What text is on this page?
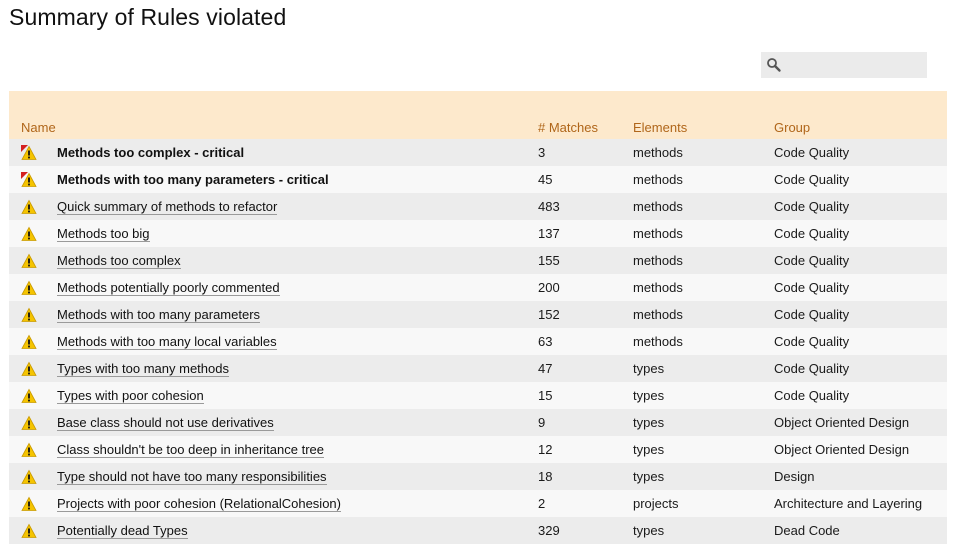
Summary of Rules violated
Name		# Matches	Elements	Group

	Methods too complex - critical	3	methods	Code Quality

	Methods with too many parameters - critical	45	methods	Code Quality

	Quick summary of methods to refactor	483	methods	Code Quality

	Methods too big	137	methods	Code Quality

	Methods too complex	155	methods	Code Quality

	Methods potentially poorly commented	200	methods	Code Quality

	Methods with too many parameters	152	methods	Code Quality

	Methods with too many local variables	63	methods	Code Quality

	Types with too many methods	47	types	Code Quality

	Types with poor cohesion	15	types	Code Quality

	Base class should not use derivatives	9	types	Object Oriented Design

	Class shouldn't be too deep in inheritance tree	12	types	Object Oriented Design

	Type should not have too many responsibilities	18	types	Design

	Projects with poor cohesion (RelationalCohesion)	2	projects	Architecture and Layering

	Potentially dead Types	329	types	Dead Code
